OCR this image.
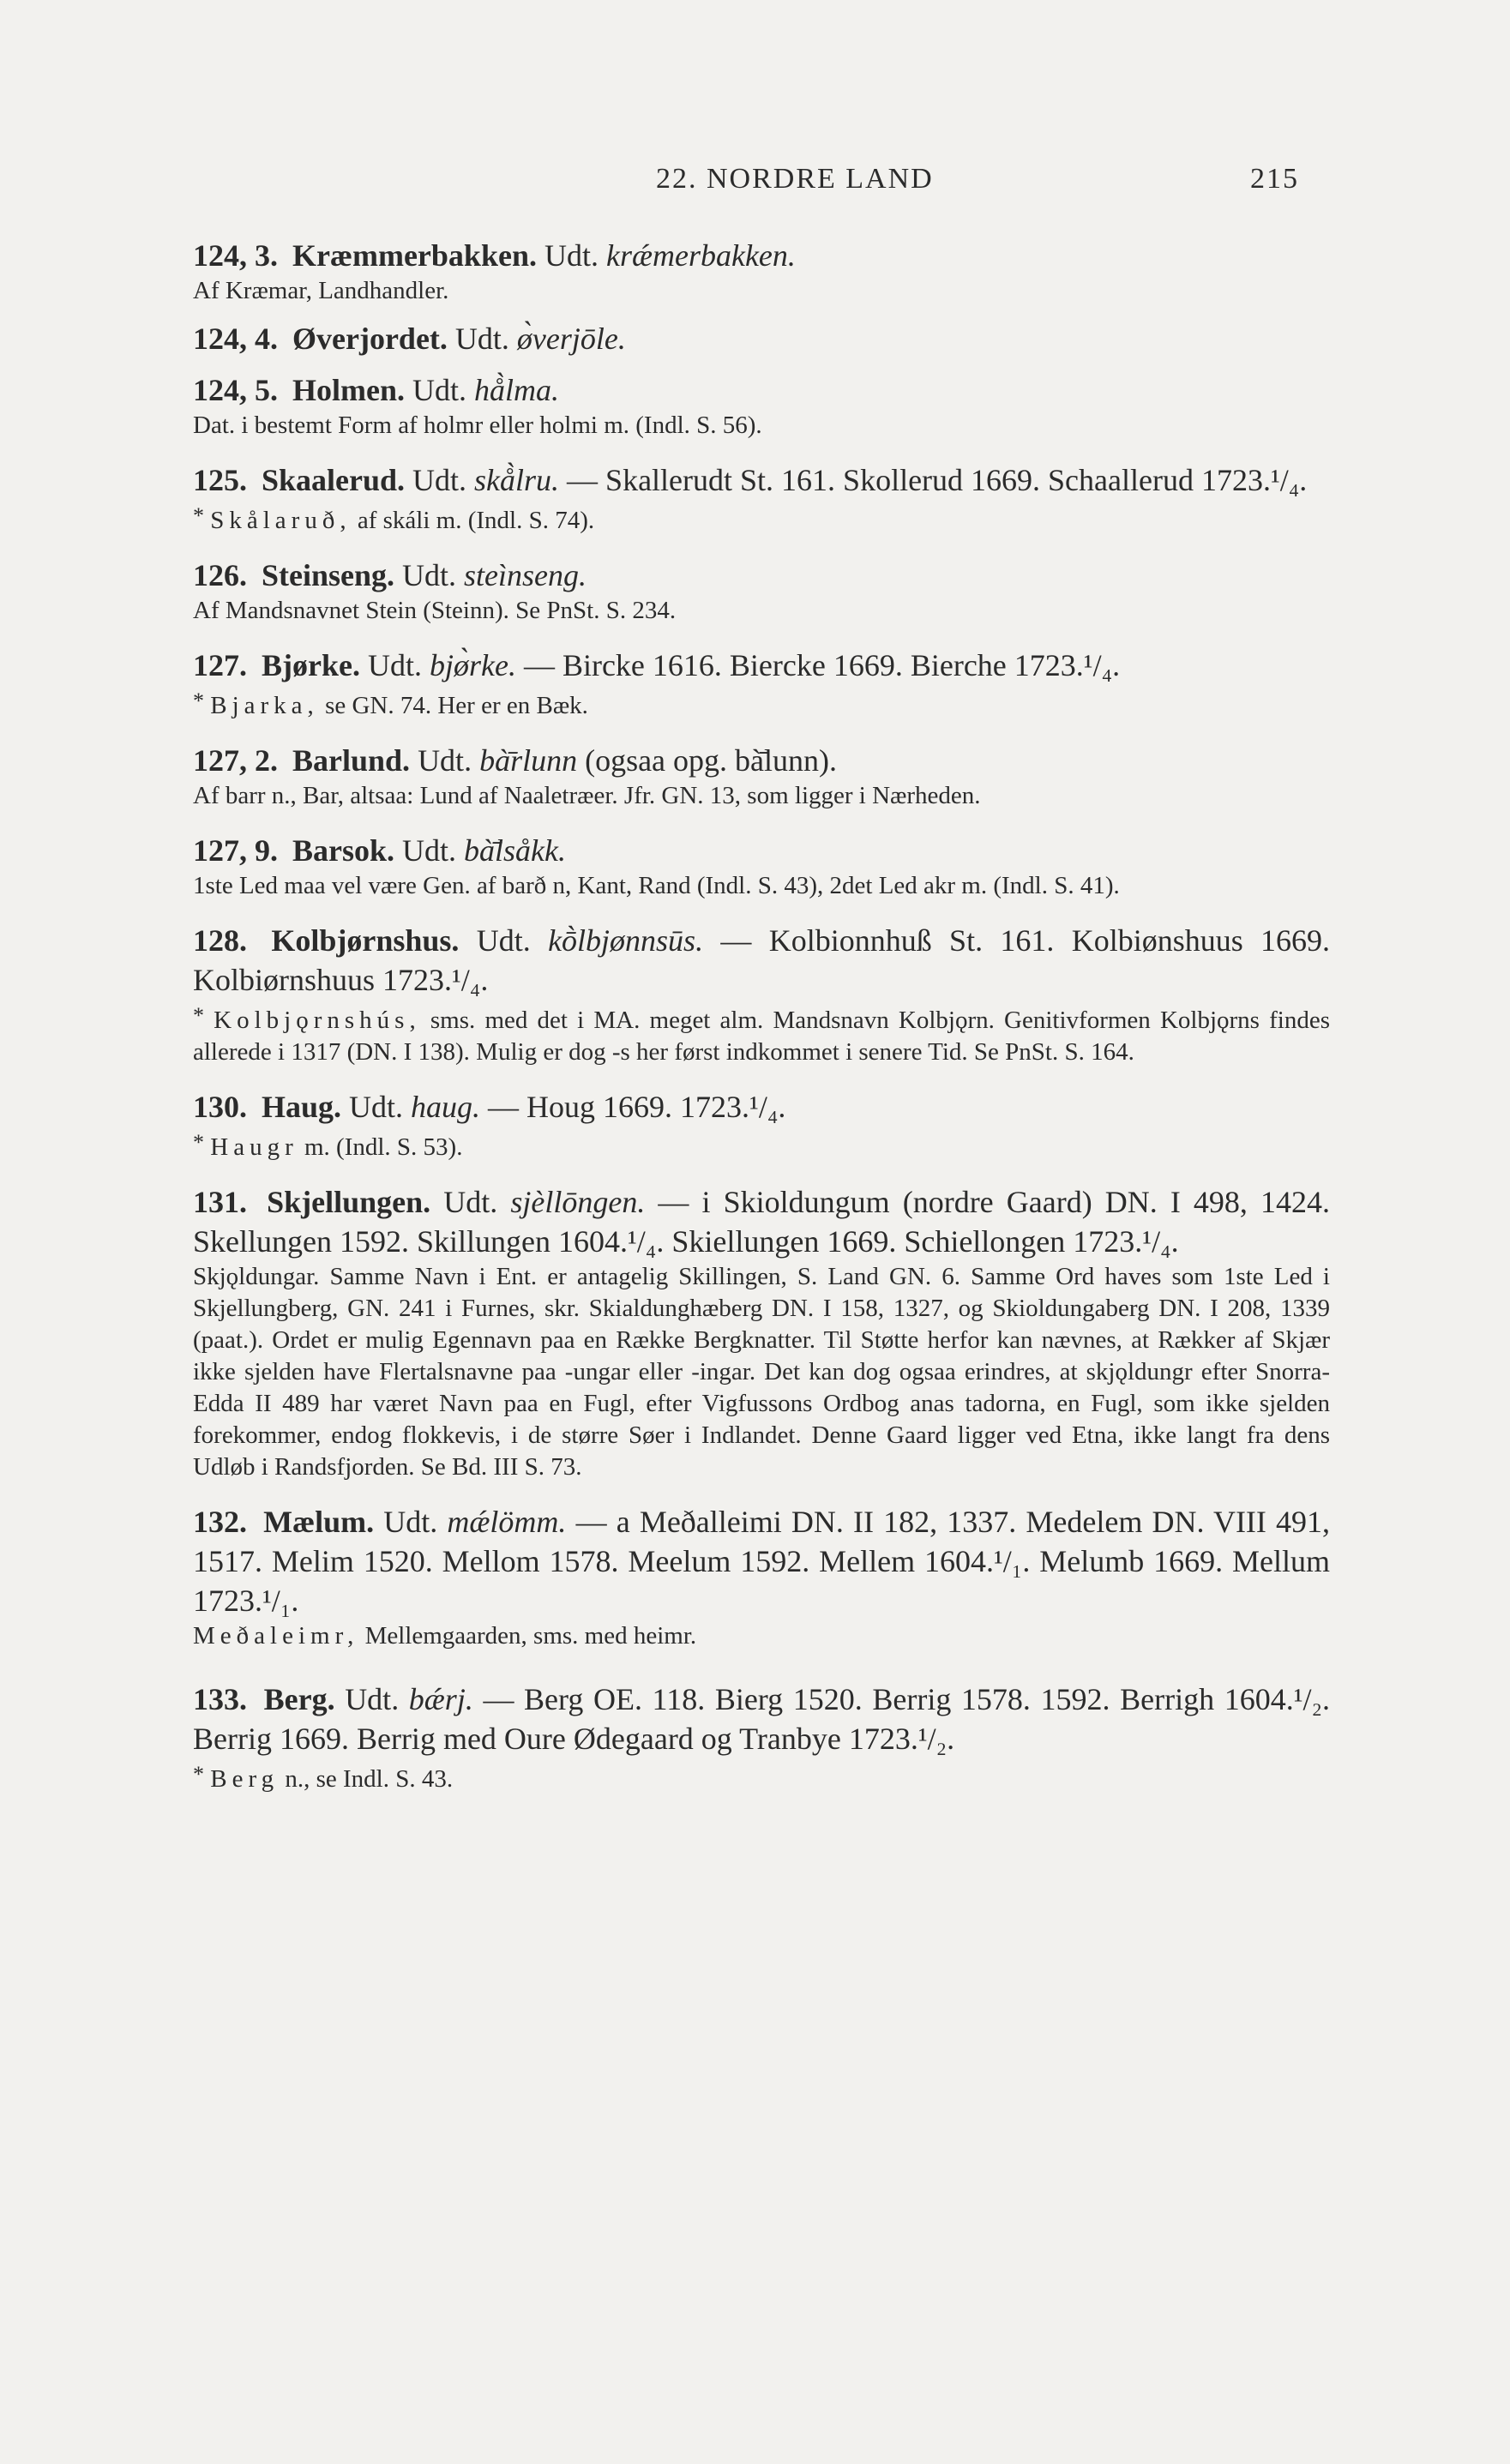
22. NORDRE LAND	215

124, 3. Kræmmerbakken. Udt. krǽmerbakken.

Af Kræmar, Landhandler.

124, 4. Øverjordet. Udt. ø̀verjōle.

124, 5. Holmen. Udt. hå̀lma.

Dat. i bestemt Form af holmr eller holmi m. (Indl. S. 56).

125. Skaalerud. Udt. skå̀lru. — Skallerudt St. 161. Skollerud 1669. Schaallerud 1723.¹/₄.

* Skålaruð, af skáli m. (Indl. S. 74).

126. Steinseng. Udt. steìnseng.

Af Mandsnavnet Stein (Steinn). Se PnSt. S. 234.

127. Bjørke. Udt. bjø̀rke. — Bircke 1616. Biercke 1669. Bierche 1723.¹/₄.

* Bjarka, se GN. 74. Her er en Bæk.

127, 2. Barlund. Udt. bà̄rlunn (ogsaa opg. bà̄lunn).

Af barr n., Bar, altsaa: Lund af Naaletræer. Jfr. GN. 13, som ligger i Nærheden.

127, 9. Barsok. Udt. bà̄lsåkk.

1ste Led maa vel være Gen. af barð n, Kant, Rand (Indl. S. 43), 2det Led akr m. (Indl. S. 41).

128. Kolbjørnshus. Udt. kṑlbjønnsūs. — Kolbionnhuß St. 161. Kolbiønshuus 1669. Kolbiørnshuus 1723.¹/₄.

* Kolbjǫrnshús, sms. med det i MA. meget alm. Mandsnavn Kolbjǫrn. Genitivformen Kolbjǫrns findes allerede i 1317 (DN. I 138). Mulig er dog -s her først indkommet i senere Tid. Se PnSt. S. 164.

130. Haug. Udt. haug. — Houg 1669. 1723.¹/₄.

* Haugr m. (Indl. S. 53).

131. Skjellungen. Udt. sjèllōngen. — i Skioldungum (nordre Gaard) DN. I 498, 1424. Skellungen 1592. Skillungen 1604.¹/₄. Skiellungen 1669. Schiellongen 1723.¹/₄.

Skjǫldungar. Samme Navn i Ent. er antagelig Skillingen, S. Land GN. 6. Samme Ord haves som 1ste Led i Skjellungberg, GN. 241 i Furnes, skr. Skialdunghæberg DN. I 158, 1327, og Skioldungaberg DN. I 208, 1339 (paat.). Ordet er mulig Egennavn paa en Række Bergknatter. Til Støtte herfor kan nævnes, at Rækker af Skjær ikke sjelden have Flertalsnavne paa -ungar eller -ingar. Det kan dog ogsaa erindres, at skjǫldungr efter Snorra-Edda II 489 har været Navn paa en Fugl, efter Vigfussons Ordbog anas tadorna, en Fugl, som ikke sjelden forekommer, endog flokkevis, i de større Søer i Indlandet. Denne Gaard ligger ved Etna, ikke langt fra dens Udløb i Randsfjorden. Se Bd. III S. 73.

132. Mælum. Udt. mǽlömm. — a Meðalleimi DN. II 182, 1337. Medelem DN. VIII 491, 1517. Melim 1520. Mellom 1578. Meelum 1592. Mellem 1604.¹/₁. Melumb 1669. Mellum 1723.¹/₁.

Meðaleimr, Mellemgaarden, sms. med heimr.

133. Berg. Udt. bǽrj. — Berg OE. 118. Bierg 1520. Berrig 1578. 1592. Berrigh 1604.¹/₂. Berrig 1669. Berrig med Oure Ødegaard og Tranbye 1723.¹/₂.

* Berg n., se Indl. S. 43.
